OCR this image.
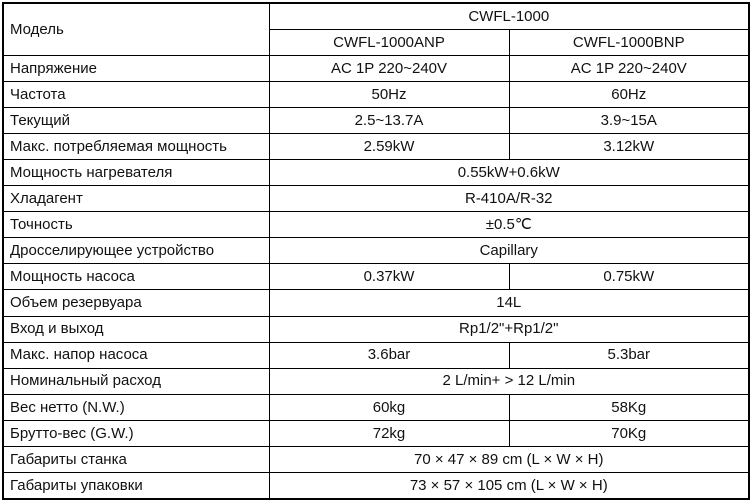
Модель	CWFL-1000	
	CWFL-1000ANP	CWFL-1000BNP
Напряжение	AC 1P 220~240V	AC 1P 220~240V
Частота	50Hz	60Hz
Текущий	2.5~13.7A	3.9~15A
Макс. потребляемая мощность	2.59kW	3.12kW
Мощность нагревателя	0.55kW+0.6kW	
Хладагент	R-410A/R-32	
Точность	±0.5℃	
Дросселирующее устройство	Capillary	
Мощность насоса	0.37kW	0.75kW
Объем резервуара	14L	
Вход и выход	Rp1/2"+Rp1/2"	
Макс. напор насоса	3.6bar	5.3bar
Номинальный расход	2 L/min+ > 12 L/min	
Вес нетто (N.W.)	60kg	58Kg
Брутто-вес (G.W.)	72kg	70Kg
Габариты станка	70 × 47 × 89 cm (L × W × H)	
Габариты упаковки	73 × 57 × 105 cm (L × W × H)	
